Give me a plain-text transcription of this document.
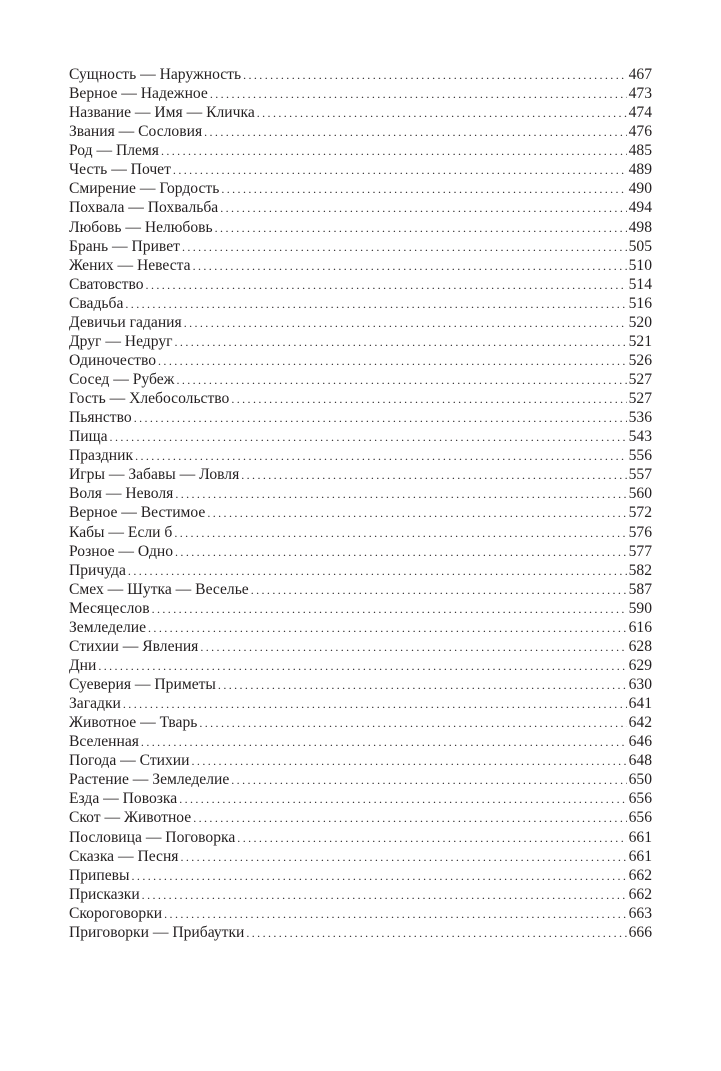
Сущность — Наружность .....	467
Верное — Надежное .....	473
Название — Имя — Кличка .....	474
Звания — Сословия .....	476
Род — Племя .....	485
Честь — Почет .....	489
Смирение — Гордость .....	490
Похвала — Похвальба .....	494
Любовь — Нелюбовь .....	498
Брань — Привет .....	505
Жених — Невеста .....	510
Сватовство .....	514
Свадьба .....	516
Девичьи гадания .....	520
Друг — Недруг .....	521
Одиночество .....	526
Сосед — Рубеж .....	527
Гость — Хлебосольство .....	527
Пьянство .....	536
Пища .....	543
Праздник .....	556
Игры — Забавы — Ловля .....	557
Воля — Неволя .....	560
Верное — Вестимое .....	572
Кабы — Если б .....	576
Розное — Одно .....	577
Причуда .....	582
Смех — Шутка — Веселье .....	587
Месяцеслов .....	590
Земледелие .....	616
Стихии — Явления .....	628
Дни .....	629
Суеверия — Приметы .....	630
Загадки .....	641
Животное — Тварь .....	642
Вселенная .....	646
Погода — Стихии .....	648
Растение — Земледелие .....	650
Езда — Повозка .....	656
Скот — Животное .....	656
Пословица — Поговорка .....	661
Сказка — Песня .....	661
Припевы .....	662
Присказки .....	662
Скороговорки .....	663
Приговорки — Прибаутки .....	666
